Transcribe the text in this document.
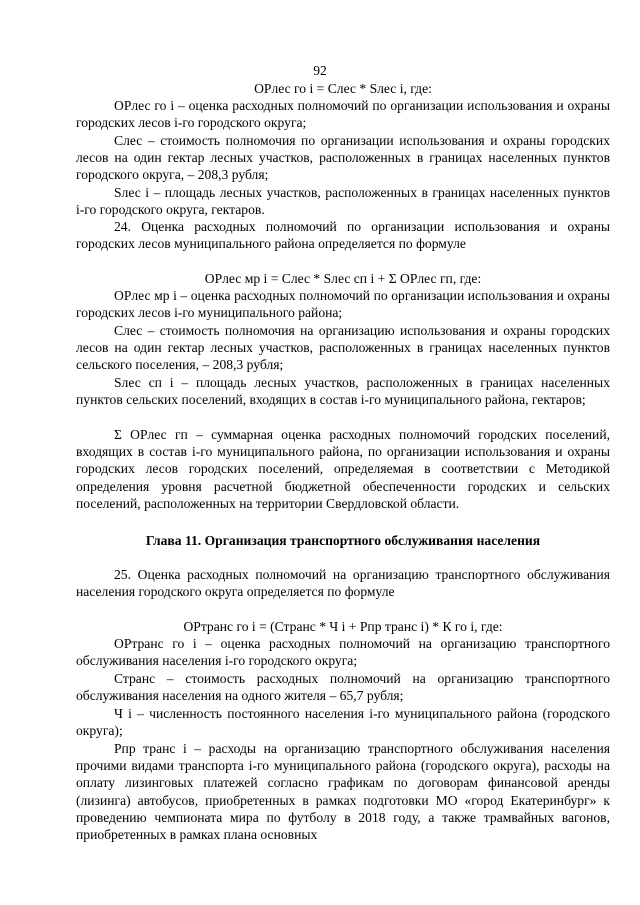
92

ОРлес го i = Cлес * Sлес i, где:

ОРлес го i – оценка расходных полномочий по организации использования и охраны городских лесов i-го городского округа;

Слес – стоимость полномочия по организации использования и охраны городских лесов на один гектар лесных участков, расположенных в границах населенных пунктов городского округа, – 208,3 рубля;

Sлес i – площадь лесных участков, расположенных в границах населенных пунктов i-го городского округа, гектаров.

24. Оценка расходных полномочий по организации использования и охраны городских лесов муниципального района определяется по формуле

ОРлес мр i = Cлес * Sлес сп i + Σ ОРлес гп, где:

ОРлес мр i – оценка расходных полномочий по организации использования и охраны городских лесов i-го муниципального района;

Слес – стоимость полномочия на организацию использования и охраны городских лесов на один гектар лесных участков, расположенных в границах населенных пунктов сельского поселения, – 208,3 рубля;

Sлес сп i – площадь лесных участков, расположенных в границах населенных пунктов сельских поселений, входящих в состав i-го муниципального района, гектаров;

Σ ОРлес гп – суммарная оценка расходных полномочий городских поселений, входящих в состав i-го муниципального района, по организации использования и охраны городских лесов городских поселений, определяемая в соответствии с Методикой определения уровня расчетной бюджетной обеспеченности городских и сельских поселений, расположенных на территории Свердловской области.

Глава 11. Организация транспортного обслуживания населения

25. Оценка расходных полномочий на организацию транспортного обслуживания населения городского округа определяется по формуле

ОРтранс го i = (Странс * Ч i + Рпр транс i) * К го i, где:

ОРтранс го i – оценка расходных полномочий на организацию транспортного обслуживания населения i-го городского округа;

Странс – стоимость расходных полномочий на организацию транспортного обслуживания населения на одного жителя – 65,7 рубля;

Ч i – численность постоянного населения i-го муниципального района (городского округа);

Рпр транс i – расходы на организацию транспортного обслуживания населения прочими видами транспорта i-го муниципального района (городского округа), расходы на оплату лизинговых платежей согласно графикам по договорам финансовой аренды (лизинга) автобусов, приобретенных в рамках подготовки МО «город Екатеринбург» к проведению чемпионата мира по футболу в 2018 году, а также трамвайных вагонов, приобретенных в рамках плана основных
